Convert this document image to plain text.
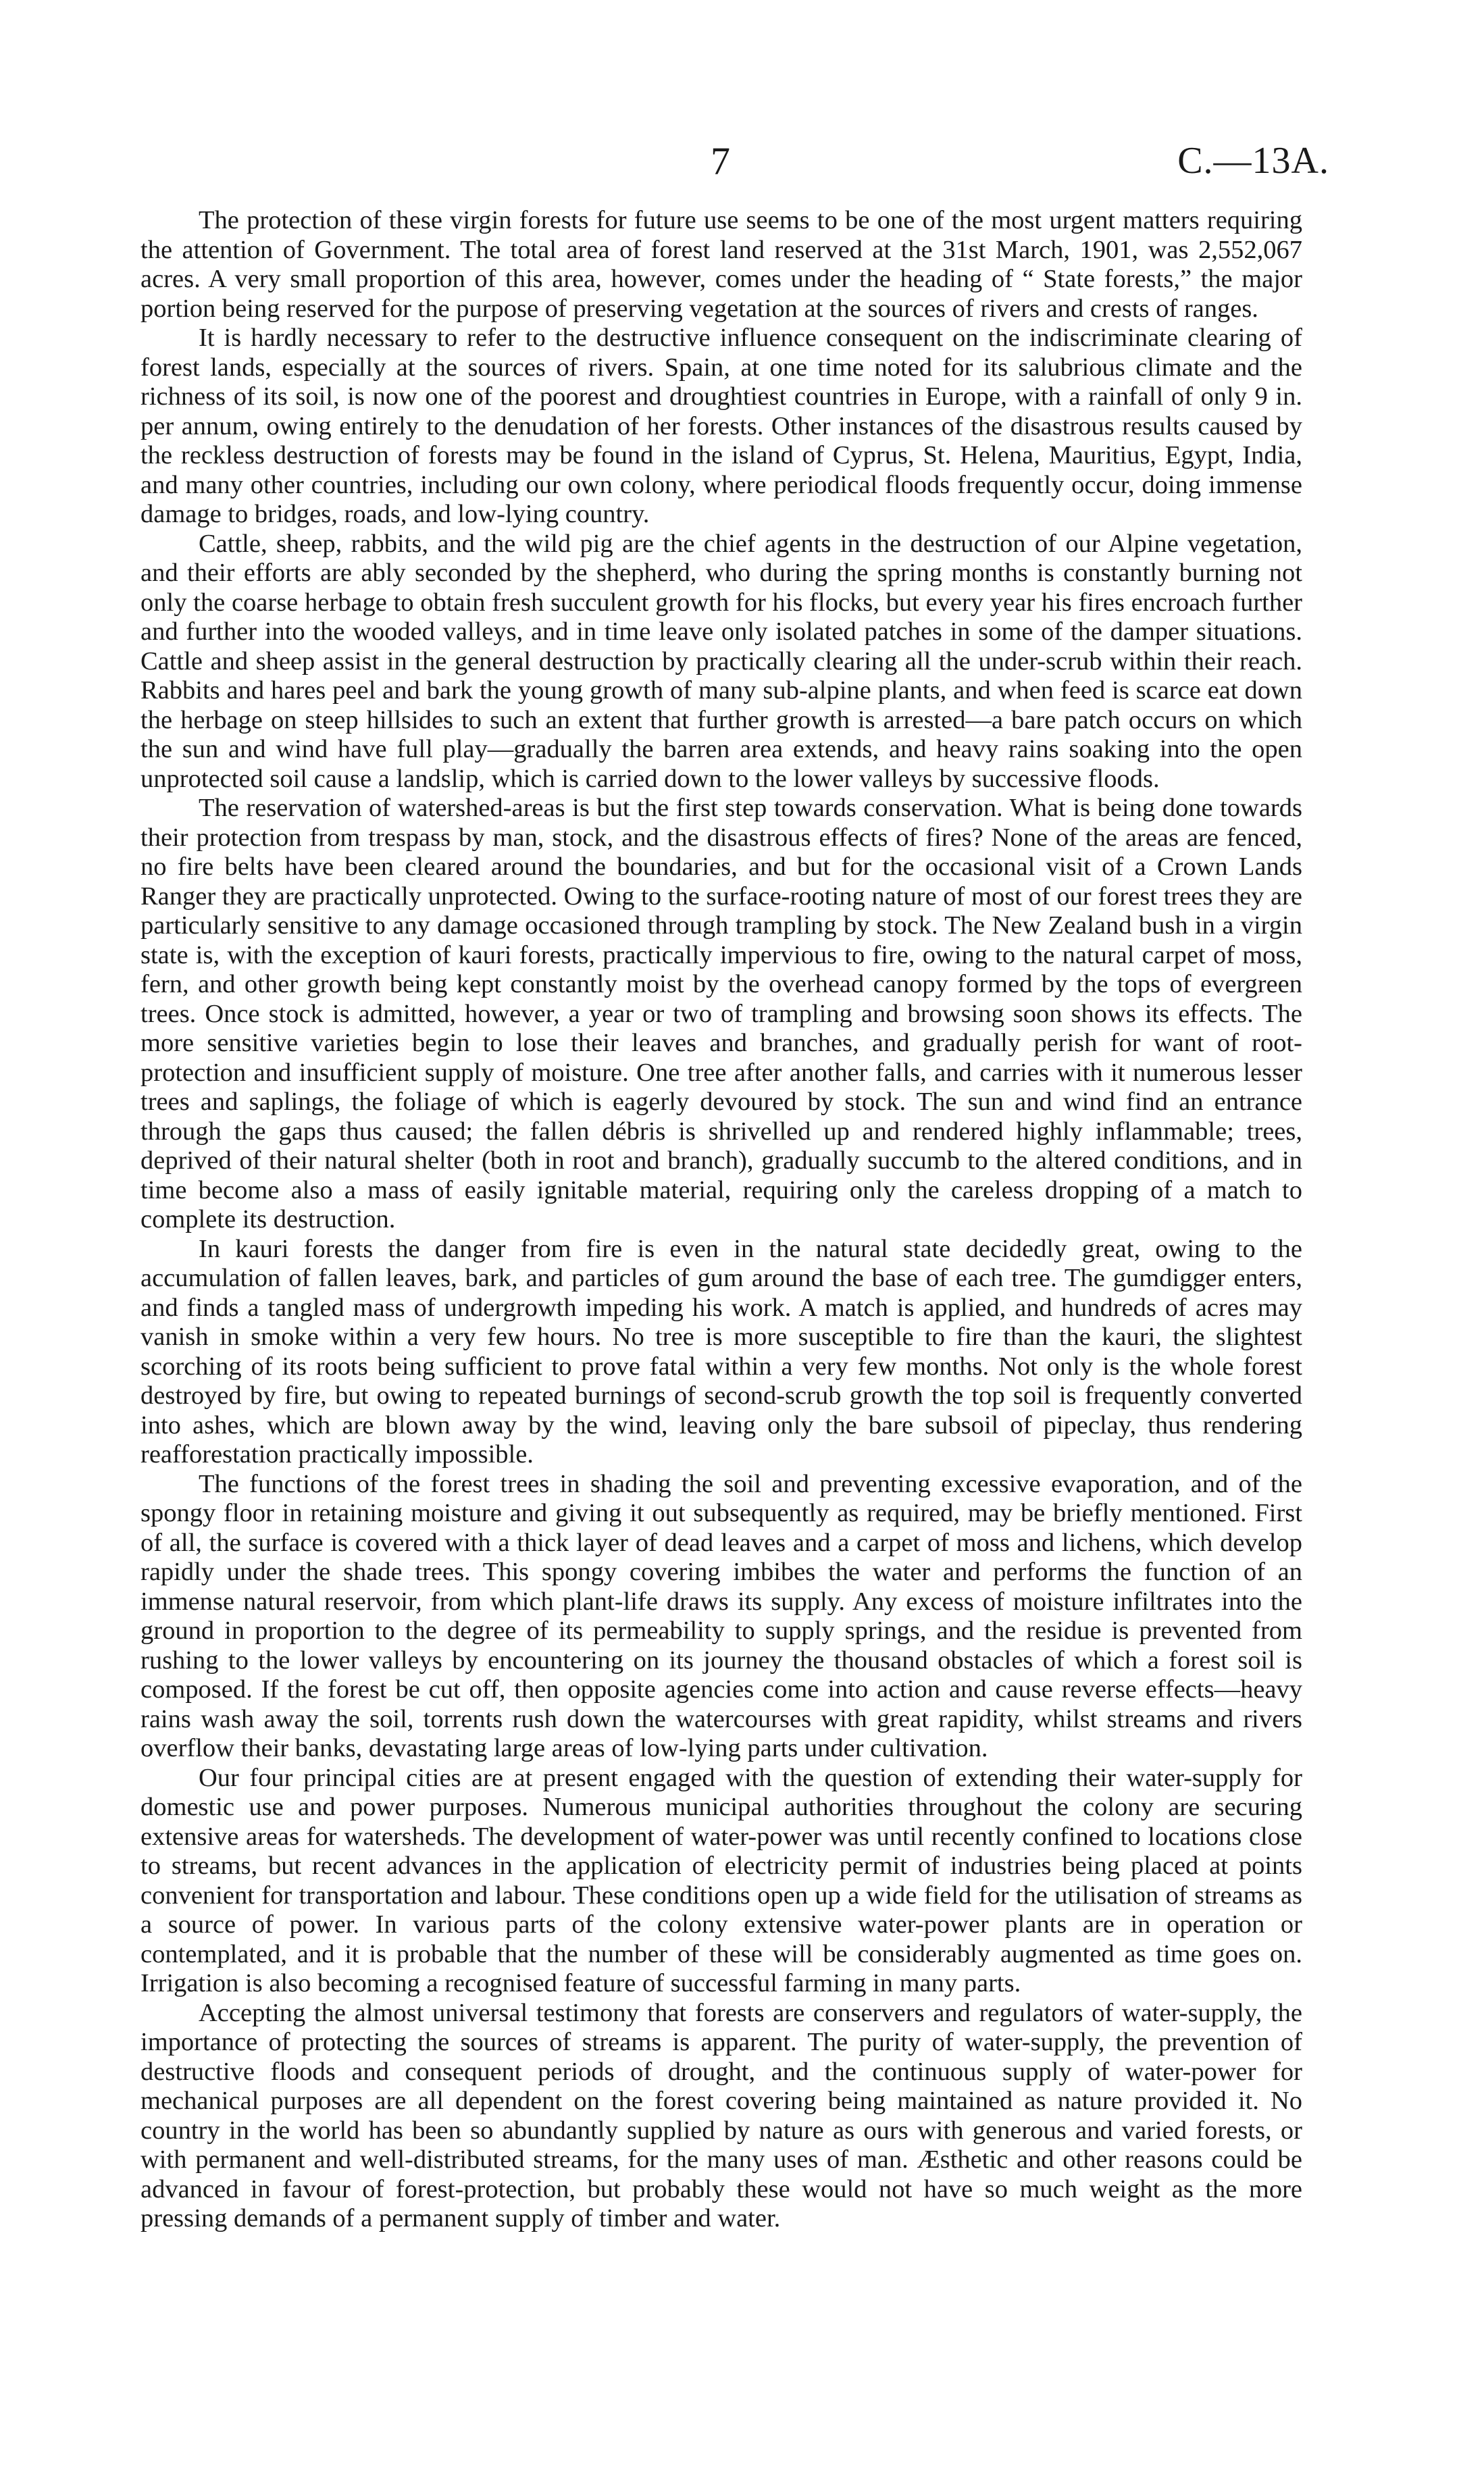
7	C.—13A.

The protection of these virgin forests for future use seems to be one of the most urgent matters requiring the attention of Government. The total area of forest land reserved at the 31st March, 1901, was 2,552,067 acres. A very small proportion of this area, however, comes under the heading of “ State forests,” the major portion being reserved for the purpose of preserving vegetation at the sources of rivers and crests of ranges.

It is hardly necessary to refer to the destructive influence consequent on the indiscriminate clearing of forest lands, especially at the sources of rivers. Spain, at one time noted for its salubrious climate and the richness of its soil, is now one of the poorest and droughtiest countries in Europe, with a rainfall of only 9 in. per annum, owing entirely to the denudation of her forests. Other instances of the disastrous results caused by the reckless destruction of forests may be found in the island of Cyprus, St. Helena, Mauritius, Egypt, India, and many other countries, including our own colony, where periodical floods frequently occur, doing immense damage to bridges, roads, and low-lying country.

Cattle, sheep, rabbits, and the wild pig are the chief agents in the destruction of our Alpine vegetation, and their efforts are ably seconded by the shepherd, who during the spring months is constantly burning not only the coarse herbage to obtain fresh succulent growth for his flocks, but every year his fires encroach further and further into the wooded valleys, and in time leave only isolated patches in some of the damper situations. Cattle and sheep assist in the general destruction by practically clearing all the under-scrub within their reach. Rabbits and hares peel and bark the young growth of many sub-alpine plants, and when feed is scarce eat down the herbage on steep hillsides to such an extent that further growth is arrested—a bare patch occurs on which the sun and wind have full play—gradually the barren area extends, and heavy rains soaking into the open unprotected soil cause a landslip, which is carried down to the lower valleys by successive floods.

The reservation of watershed-areas is but the first step towards conservation. What is being done towards their protection from trespass by man, stock, and the disastrous effects of fires? None of the areas are fenced, no fire belts have been cleared around the boundaries, and but for the occasional visit of a Crown Lands Ranger they are practically unprotected. Owing to the surface-rooting nature of most of our forest trees they are particularly sensitive to any damage occasioned through trampling by stock. The New Zealand bush in a virgin state is, with the exception of kauri forests, practically impervious to fire, owing to the natural carpet of moss, fern, and other growth being kept constantly moist by the overhead canopy formed by the tops of evergreen trees. Once stock is admitted, however, a year or two of trampling and browsing soon shows its effects. The more sensitive varieties begin to lose their leaves and branches, and gradually perish for want of root-protection and insufficient supply of moisture. One tree after another falls, and carries with it numerous lesser trees and saplings, the foliage of which is eagerly devoured by stock. The sun and wind find an entrance through the gaps thus caused; the fallen débris is shrivelled up and rendered highly inflammable; trees, deprived of their natural shelter (both in root and branch), gradually succumb to the altered conditions, and in time become also a mass of easily ignitable material, requiring only the careless dropping of a match to complete its destruction.

In kauri forests the danger from fire is even in the natural state decidedly great, owing to the accumulation of fallen leaves, bark, and particles of gum around the base of each tree. The gumdigger enters, and finds a tangled mass of undergrowth impeding his work. A match is applied, and hundreds of acres may vanish in smoke within a very few hours. No tree is more susceptible to fire than the kauri, the slightest scorching of its roots being sufficient to prove fatal within a very few months. Not only is the whole forest destroyed by fire, but owing to repeated burnings of second-scrub growth the top soil is frequently converted into ashes, which are blown away by the wind, leaving only the bare subsoil of pipeclay, thus rendering reafforestation practically impossible.

The functions of the forest trees in shading the soil and preventing excessive evaporation, and of the spongy floor in retaining moisture and giving it out subsequently as required, may be briefly mentioned. First of all, the surface is covered with a thick layer of dead leaves and a carpet of moss and lichens, which develop rapidly under the shade trees. This spongy covering imbibes the water and performs the function of an immense natural reservoir, from which plant-life draws its supply. Any excess of moisture infiltrates into the ground in proportion to the degree of its permeability to supply springs, and the residue is prevented from rushing to the lower valleys by encountering on its journey the thousand obstacles of which a forest soil is composed. If the forest be cut off, then opposite agencies come into action and cause reverse effects—heavy rains wash away the soil, torrents rush down the watercourses with great rapidity, whilst streams and rivers overflow their banks, devastating large areas of low-lying parts under cultivation.

Our four principal cities are at present engaged with the question of extending their water-supply for domestic use and power purposes. Numerous municipal authorities throughout the colony are securing extensive areas for watersheds. The development of water-power was until recently confined to locations close to streams, but recent advances in the application of electricity permit of industries being placed at points convenient for transportation and labour. These conditions open up a wide field for the utilisation of streams as a source of power. In various parts of the colony extensive water-power plants are in operation or contemplated, and it is probable that the number of these will be considerably augmented as time goes on. Irrigation is also becoming a recognised feature of successful farming in many parts.

Accepting the almost universal testimony that forests are conservers and regulators of water-supply, the importance of protecting the sources of streams is apparent. The purity of water-supply, the prevention of destructive floods and consequent periods of drought, and the continuous supply of water-power for mechanical purposes are all dependent on the forest covering being maintained as nature provided it. No country in the world has been so abundantly supplied by nature as ours with generous and varied forests, or with permanent and well-distributed streams, for the many uses of man. Æsthetic and other reasons could be advanced in favour of forest-protection, but probably these would not have so much weight as the more pressing demands of a permanent supply of timber and water.
